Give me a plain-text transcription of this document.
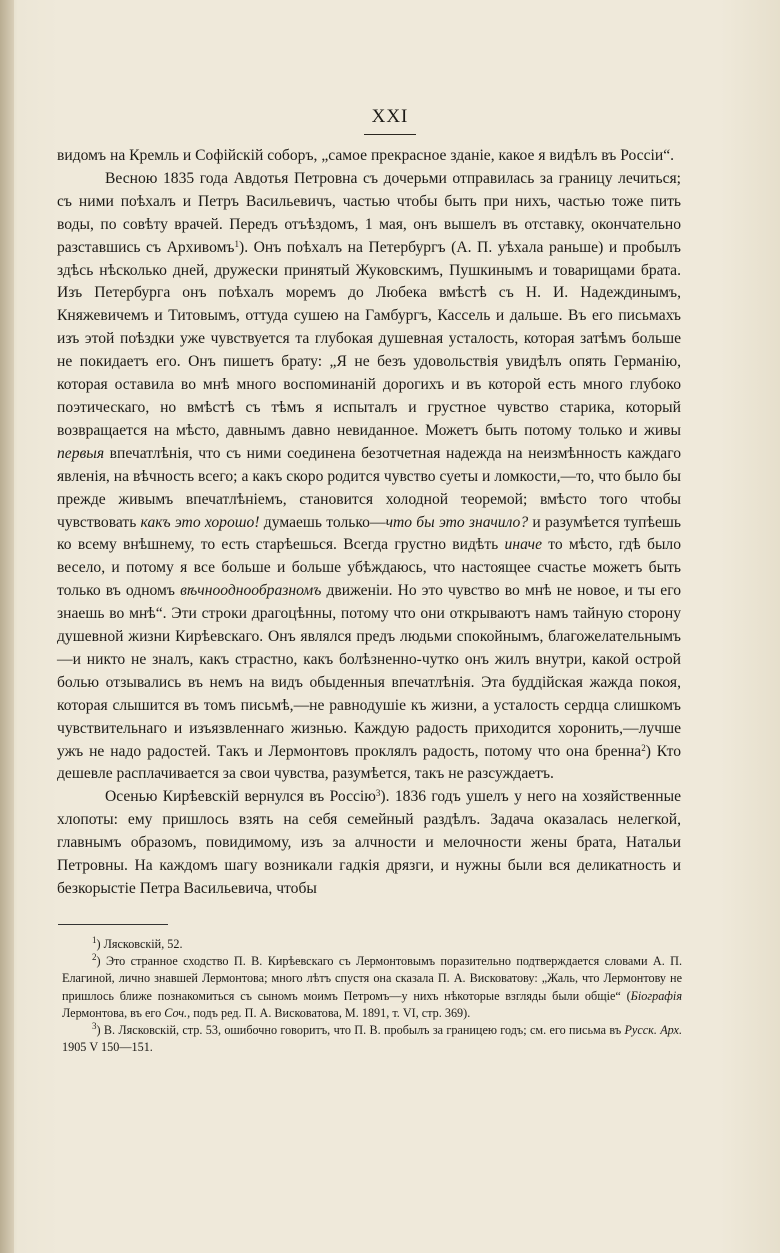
XXI

видомъ на Кремль и Софійскій соборъ, „самое прекрасное зданіе, какое я видѣлъ въ Россіи“.

Весною 1835 года Авдотья Петровна съ дочерьми отправилась за границу лечиться; съ ними поѣхалъ и Петръ Васильевичъ, частью чтобы быть при нихъ, частью тоже пить воды, по совѣту врачей. Передъ отъѣздомъ, 1 мая, онъ вышелъ въ отставку, окончательно разставшись съ Архивомъ$^1$). Онъ поѣхалъ на Петербургъ (А. П. уѣхала раньше) и пробылъ здѣсь нѣсколько дней, дружески принятый Жуковскимъ, Пушкинымъ и товарищами брата. Изъ Петербурга онъ поѣхалъ моремъ до Любека вмѣстѣ съ Н. И. Надеждинымъ, Княжевичемъ и Титовымъ, оттуда сушею на Гамбургъ, Кассель и дальше. Въ его письмахъ изъ этой поѣздки уже чувствуется та глубокая душевная усталость, которая затѣмъ больше не покидаетъ его. Онъ пишетъ брату: „Я не безъ удовольствія увидѣлъ опять Германію, которая оставила во мнѣ много воспоминаній дорогихъ и въ которой есть много глубоко поэтическаго, но вмѣстѣ съ тѣмъ я испыталъ и грустное чувство старика, который возвращается на мѣсто, давнымъ давно невиданное. Можетъ быть потому только и живы первыя впечатлѣнія, что съ ними соединена безотчетная надежда на неизмѣнность каждаго явленія, на вѣчность всего; а какъ скоро родится чувство суеты и ломкости,—то, что было бы прежде живымъ впечатлѣніемъ, становится холодной теоремой; вмѣсто того чтобы чувствовать какъ это хорошо! думаешь только—что бы это значило? и разумѣется тупѣешь ко всему внѣшнему, то есть старѣешься. Всегда грустно видѣть иначе то мѣсто, гдѣ было весело, и потому я все больше и больше убѣждаюсь, что настоящее счастье можетъ быть только въ одномъ вѣчнооднообразномъ движеніи. Но это чувство во мнѣ не новое, и ты его знаешь во мнѣ“. Эти строки драгоцѣнны, потому что они открываютъ намъ тайную сторону душевной жизни Кирѣевскаго. Онъ являлся предъ людьми спокойнымъ, благожелательнымъ—и никто не зналъ, какъ страстно, какъ болѣзненно-чутко онъ жилъ внутри, какой острой болью отзывались въ немъ на видъ обыденныя впечатлѣнія. Эта буддійская жажда покоя, которая слышится въ томъ письмѣ,—не равнодушіе къ жизни, а усталость сердца слишкомъ чувствительнаго и изъязвленнаго жизнью. Каждую радость приходится хоронить,—лучше ужъ не надо радостей. Такъ и Лермонтовъ проклялъ радость, потому что она бренна$^2$) Кто дешевле расплачивается за свои чувства, разумѣется, такъ не разсуждаетъ.

Осенью Кирѣевскій вернулся въ Россію$^3$). 1836 годъ ушелъ у него на хозяйственные хлопоты: ему пришлось взять на себя семейный раздѣлъ. Задача оказалась нелегкой, главнымъ образомъ, повидимому, изъ за алчности и мелочности жены брата, Натальи Петровны. На каждомъ шагу возникали гадкія дрязги, и нужны были вся деликатность и безкорыстіе Петра Васильевича, чтобы

$^1$) Лясковскій, 52.

$^2$) Это странное сходство П. В. Кирѣевскаго съ Лермонтовымъ поразительно подтверждается словами А. П. Елагиной, лично знавшей Лермонтова; много лѣтъ спустя она сказала П. А. Висковатову: „Жаль, что Лермонтову не пришлось ближе познакомиться съ сыномъ моимъ Петромъ—у нихъ нѣкоторые взгляды были общіе“ (Біографія Лермонтова, въ его Соч., подъ ред. П. А. Висковатова, М. 1891, т. VI, стр. 369).

$^3$) В. Лясковскій, стр. 53, ошибочно говоритъ, что П. В. пробылъ за границею годъ; см. его письма въ Русск. Арх. 1905 V 150—151.
